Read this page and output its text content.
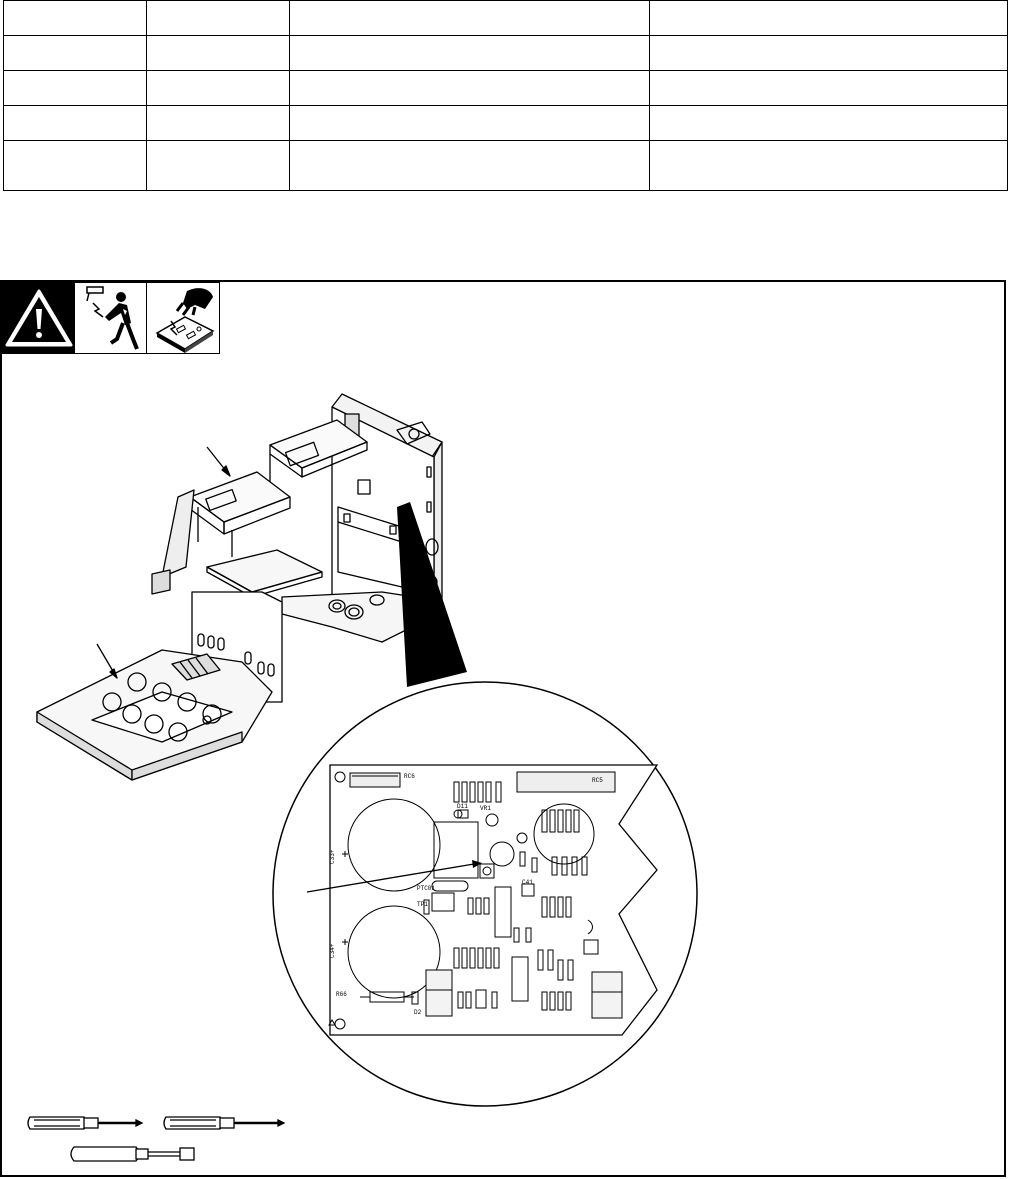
RC6
RC5
D11
C33+
C34+
PTC01
TP1
C41
R66
VR1
D2
